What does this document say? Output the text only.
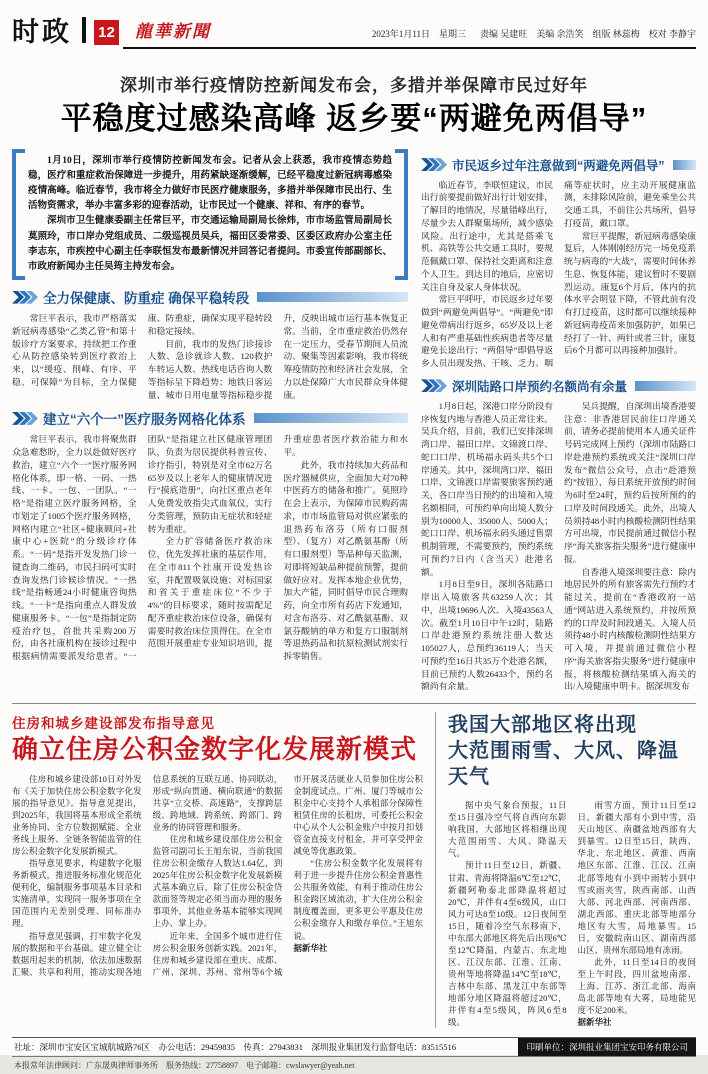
时政 12 龍華新聞	2023年1月11日　星期三 责编 吴建旺　美编 余浩笑　组版 林蕊梅　校对 李静宇
深圳市举行疫情防控新闻发布会，多措并举保障市民过好年
平稳度过感染高峰 返乡要“两避免两倡导”

1月10日，深圳市举行疫情防控新闻发布会。记者从会上获悉，我市疫情态势趋稳，医疗和重症救治保障进一步提升，用药紧缺逐渐缓解，已经平稳度过新冠病毒感染疫情高峰。临近春节，我市将全力做好市民医疗健康服务，多措并举保障市民出行、生活物资需求，举办丰富多彩的迎春活动，让市民过一个健康、祥和、有序的春节。

深圳市卫生健康委副主任常巨平，市交通运输局副局长徐炜，市市场监管局副局长莫照玲，市口岸办党组成员、二级巡视员吴兵，福田区委常委、区委区政府办公室主任李志东，市疾控中心副主任李联恒发布最新情况并回答记者提问。市委宣传部副部长、市政府新闻办主任吴筠主持发布会。

全力保健康、防重症 确保平稳转段

常巨平表示，我市严格落实新冠病毒感染“乙类乙管”和第十版诊疗方案要求，持续把工作重心从防控感染转到医疗救治上来，以“缓疫、削峰、有序、平稳、可保障”为目标，全力保健康、防重症，确保实现平稳转段和稳定接续。

目前，我市的发热门诊接诊人数、急诊就诊人数、120救护车转运人数、热线电话咨询人数等指标呈下降趋势；地铁日客运量、城市日用电量等指标稳步提升，反映出城市运行基本恢复正常。当前，全市重症救治仍然存在一定压力，受春节期间人员流动、聚集等因素影响，我市将统筹疫情防控和经济社会发展，全力以赴保障广大市民群众身体健康。

建立“六个一”医疗服务网格化体系

常巨平表示，我市将聚焦群众急难愁盼，全力以赴做好医疗救治，建立“六个一”医疗服务网格化体系，即一格、一码、一热线、一卡、一包、一团队。“一格”是指建立医疗服务网格，全市划定了1005个医疗服务网格，网格内建立“社区+健康顾问+社康中心+医院”的分级诊疗体系。“一码”是指开发发热门诊一键查询二维码，市民扫码可实时查询发热门诊候诊情况。“一热线”是指畅通24小时健康咨询热线。“一卡”是指向重点人群发放健康服务卡。“一包”是指制定防疫治疗包，首批共采购200万份，由各社康机构在接诊过程中根据病情需要派发给患者。“一团队”是指建立社区健康管理团队，负责为居民提供科普宣传、诊疗指引，特别是对全市62万名65岁及以上老年人的健康情况进行“摸底造册”，向社区重点老年人免费发放指尖式血氧仪，实行分类管理，预防由无症状和轻症转为重症。

全力扩容储备医疗救治床位，优先发挥社康的基层作用，在全市811个社康开设发热诊室，并配置吸氧设施；对标国家和省关于重症床位“不少于4%”的目标要求，随时按需配足配齐重症救治床位设备，确保有需要时救治床位顶得住。在全市范围开展重症专业知识培训，提升重症患者医疗救治能力和水平。

此外，我市持续加大药品和医疗器械供应，全面加大对70种中医药方的储备和推广。莫照玲在会上表示，为保障市民购药需求，市市场监管局对供应紧张的退热药布洛芬（所有口服剂型）、（复方）对乙酰氨基酚（所有口服剂型）等品种每天监测，对即将短缺品种提前预警，提前做好应对。发挥本地企业优势，加大产能，同时倡导市民合理购药，向全市所有药店下发通知，对含布洛芬、对乙酰氨基酚、双氯芬酸钠的单方和复方口服制剂等退热药品和抗原检测试剂实行拆零销售。

市民返乡过年注意做到“两避免两倡导”

临近春节，李联恒建议，市民出行前要提前做好出行计划安排，了解目的地情况，尽量错峰出行，尽量少去人群聚集场所，减少感染风险。出行途中，尤其是搭乘飞机、高铁等公共交通工具时，要规范佩戴口罩、保持社交距离和注意个人卫生。到达目的地后，应密切关注自身及家人身体状况。

常巨平呼吁，市民返乡过年要做到“两避免两倡导”。“两避免”即避免带病出行返乡，65岁及以上老人和有严重基础性疾病患者等尽量避免长途出行；“两倡导”即倡导返乡人员出现发热、干咳、乏力、咽痛等症状时，应主动开展健康监测，未排除风险前，避免乘坐公共交通工具，不前往公共场所，倡导打疫苗，戴口罩。

常巨平提醒，新冠病毒感染康复后，人体刚刚经历完一场免疫系统与病毒的“大战”，需要时间休养生息、恢复体能，建议暂时不要剧烈运动。康复6个月后，体内的抗体水平会明显下降，不管此前有没有打过疫苗，这时都可以继续接种新冠病毒疫苗来加强防护，如果已经打了一针、两针或者三针，康复后6个月都可以再接种加强针。

深圳陆路口岸预约名额尚有余量

1月8日起，深港口岸分阶段有序恢复内地与香港人员正常往来。吴兵介绍，目前，我们已安排深圳湾口岸、福田口岸、文锦渡口岸、蛇口口岸、机场福永码头共5个口岸通关。其中，深圳湾口岸、福田口岸、文锦渡口岸需要旅客预约通关，各口岸当日预约的出境和入境名额相同，可预约单向出境人数分别为10000人、35000人、5000人；蛇口口岸、机场福永码头通过售票机制管理，不需要预约，预约系统可预约7日内（含当天）赴港名额。

1月8日至9日，深圳各陆路口岸出入境旅客共63259人次；其中，出境19696人次、入境43563人次。截至1月10日中午12时，陆路口岸赴港预约系统注册人数达105027人，总预约36119人；当天可预约至16日共35万个赴港名额，目前已预约人数26433个，预约名额尚有余量。

吴兵提醒，自深圳出境香港要注意：非香港居民前往口岸通关前，请务必提前使用本人通关证件号码完成网上预约（深圳市陆路口岸赴港预约系统或关注“深圳口岸发布”微信公众号，点击“赴港预约”按钮），每日系统开放预约时间为6时至24时，预约后按所预约的口岸及时间段通关。此外，出境人员须持48小时内核酸检测阴性结果方可出境，市民提前通过微信小程序“海关旅客指尖服务”进行健康申报。

自香港入境深圳要注意：除内地居民外的所有旅客需先行预约才能过关，提前在“香港政府一站通”网站进入系统预约，并按所预约的口岸及时间段通关。入境人员须持48小时内核酸检测阴性结果方可入境，并提前通过微信小程序“海关旅客指尖服务”进行健康申报，将核酸检测结果填入海关的出/入境健康申明卡。据深圳发布

住房和城乡建设部发布指导意见
确立住房公积金数字化发展新模式

住房和城乡建设部10日对外发布《关于加快住房公积金数字化发展的指导意见》。指导意见提出，到2025年，我国将基本形成全系统业务协同、全方位数据赋能、全业务线上服务、全链条智能监管的住房公积金数字化发展新模式。

指导意见要求，构建数字化服务新模式，推进服务标准化规范化便利化，编制服务事项基本目录和实施清单，实现同一服务事项在全国范围内无差别受理、同标准办理。

指导意见强调，打牢数字化发展的数据和平台基础。建立健全让数据用起来的机制，依法加速数据汇聚、共享和利用，推动实现各地信息系统的互联互通、协同联动，形成“纵向贯通、横向联通”的数据共享“立交桥、高速路”，支撑跨层级、跨地域、跨系统、跨部门、跨业务的协同管理和服务。

住房和城乡建设部住房公积金监管司副司长王旭东说，当前我国住房公积金缴存人数达1.64亿，到2025年住房公积金数字化发展新模式基本确立后，除了住房公积金贷款面签等规定必须当面办理的服务事项外，其他业务基本能够实现网上办、掌上办。

近年来，全国多个城市进行住房公积金服务创新实践。2021年，住房和城乡建设部在重庆、成都、广州、深圳、苏州、常州等6个城市开展灵活就业人员参加住房公积金制度试点。广州、厦门等城市公积金中心支持个人承租部分保障性租赁住房的长租房，可委托公积金中心从个人公积金账户中按月扣划资金直接支付租金，并可享受押金减免等优惠政策。

“住房公积金数字化发展将有利于进一步提升住房公积金普惠性公共服务效能，有利于推动住房公积金跨区域流动，扩大住房公积金制度覆盖面，更多更公平惠及住房公积金缴存人和缴存单位。”王旭东说。

据新华社

我国大部地区将出现
大范围雨雪、大风、降温天气

据中央气象台预报，11日至15日强冷空气将自西向东影响我国，大部地区将相继出现大范围雨雪、大风、降温天气。

预计11日至12日，新疆、甘肃、青海将降温6℃至12℃，新疆阿勒泰北部降温将超过20℃，并伴有4至6级风，山口风力可达8至10级。12日夜间至15日，随着冷空气东移南下，中东部大部地区将先后出现6℃至12℃降温，内蒙古、东北地区、江汉东部、江淮、江南、贵州等地将降温14℃至18℃，吉林中东部、黑龙江中东部等地部分地区降温将超过20℃，并伴有4至5级风，阵风6至8级。

雨雪方面，预计11日至12日，新疆大部有小到中雪，沿天山地区、南疆盆地西部有大到暴雪。12日至15日，陕西、华北、东北地区、黄淮、西南地区东部、江淮、江汉、江南北部等地有小到中雨转小到中雪或雨夹雪，陕西南部、山西大部、河北西部、河南西部、湖北西部、重庆北部等地部分地区有大雪，局地暴雪。15日，安徽皖南山区、湖南西部山区、贵州东部局地有冻雨。

此外，11日至14日的夜间至上午时段，四川盆地南部、上海、江苏、浙江北部、海南岛北部等地有大雾，局地能见度不足200米。

据新华社

社址：深圳市宝安区宝城航城路76区　办公电话：29459835　传真：27943831　深圳报业集团发行监督电话：83515516	印刷单位：深圳报业集团宝安印务有限公司
本报常年法律顾问：广东晟典律师事务所　服务热线：27758897　电子邮箱：cwslawyer@yeah.net
